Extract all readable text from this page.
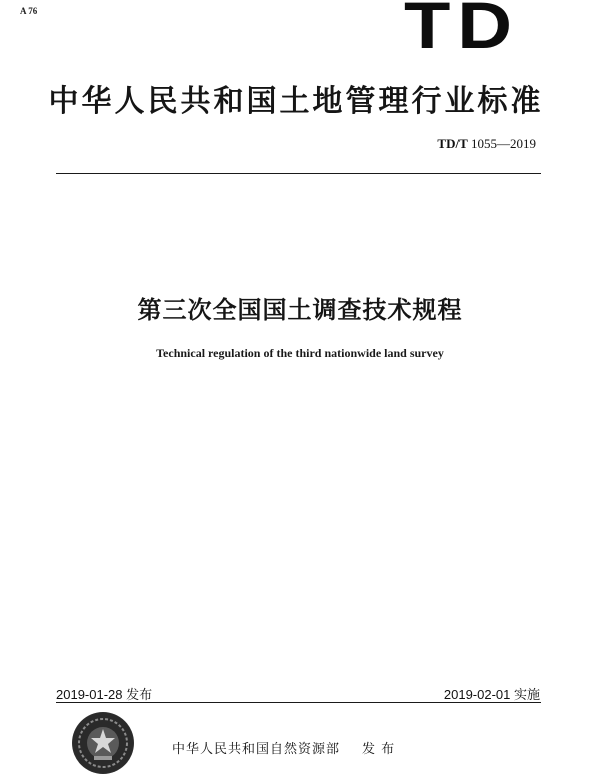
A 76	TD
中华人民共和国土地管理行业标准
TD/T 1055—2019
第三次全国国土调查技术规程
Technical regulation of the third nationwide land survey
2019-01-28 发布	2019-02-01 实施
中华人民共和国自然资源部 发 布
